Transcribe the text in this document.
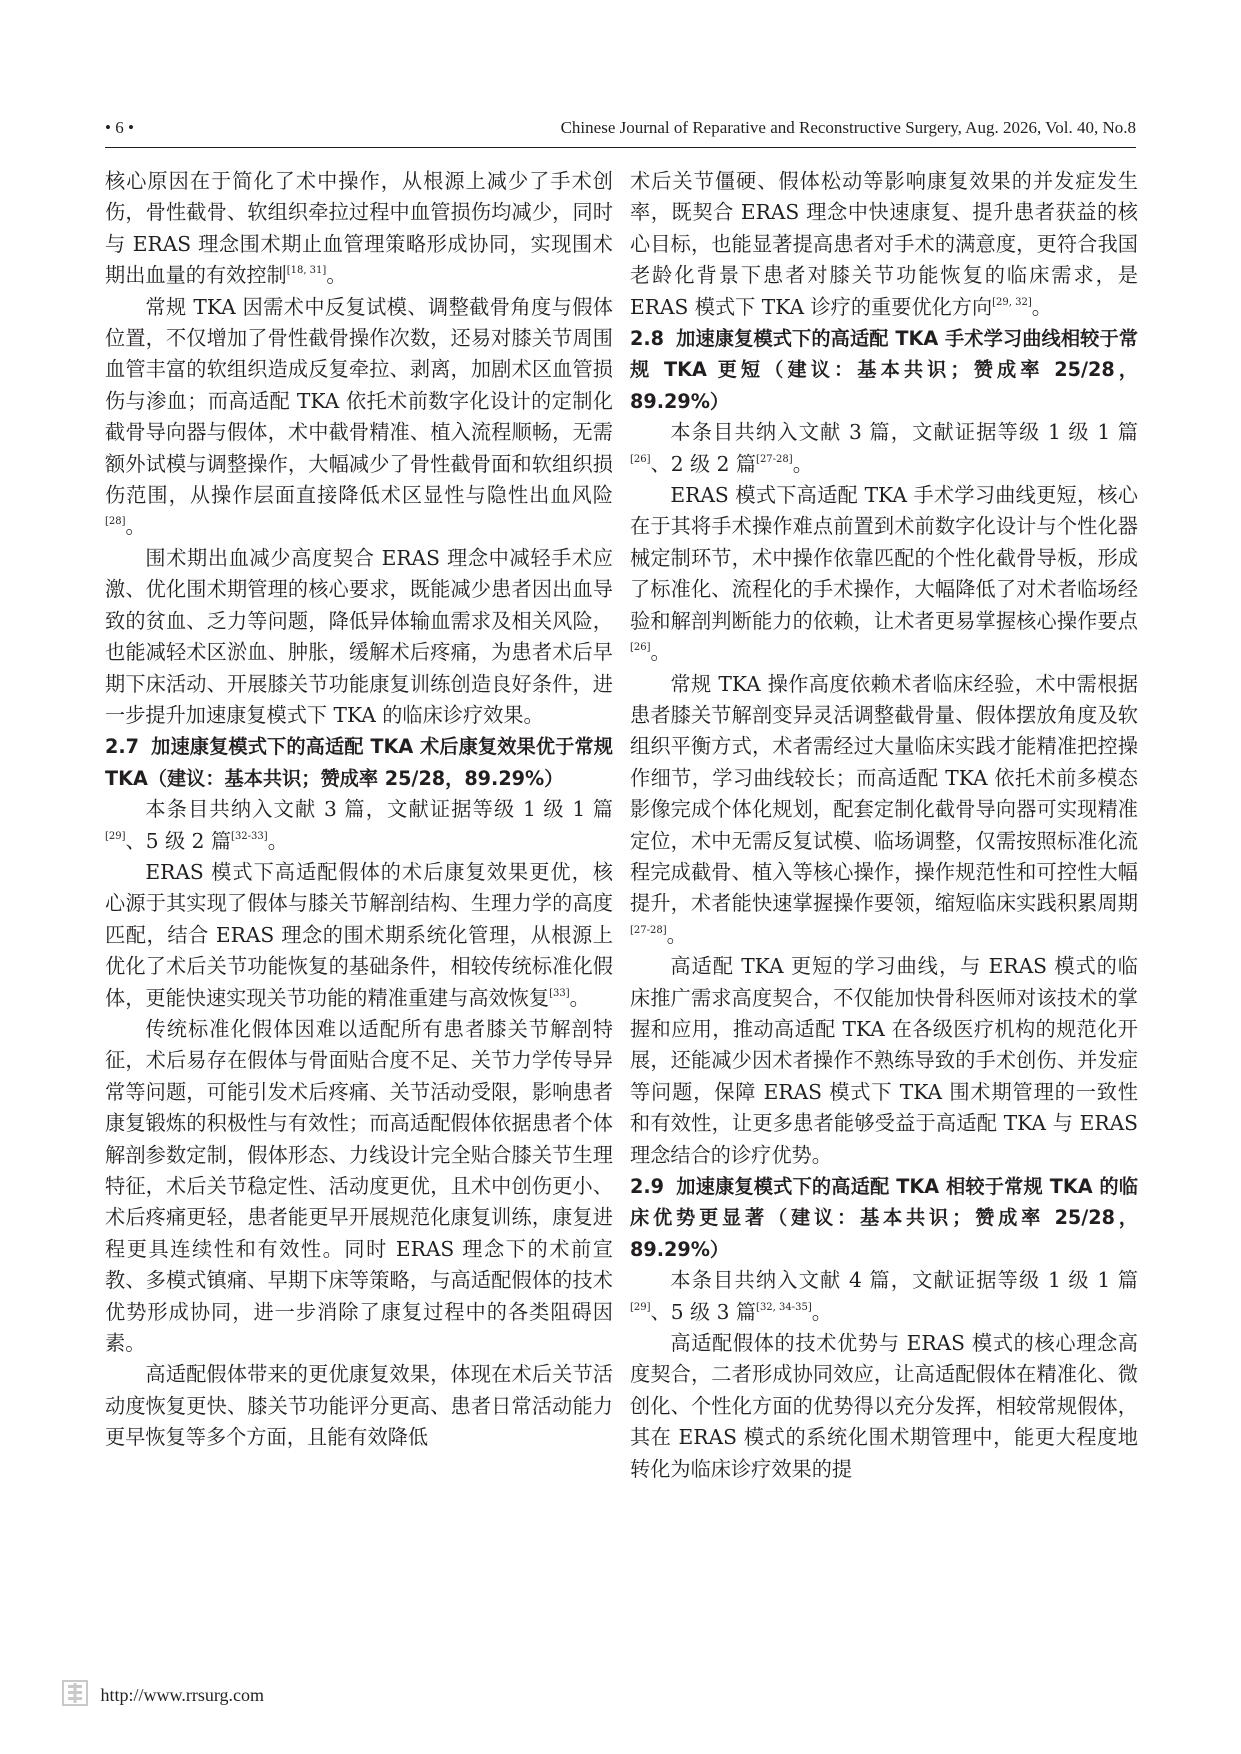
• 6 •	Chinese Journal of Reparative and Reconstructive Surgery, Aug. 2026, Vol. 40, No.8

核心原因在于简化了术中操作，从根源上减少了手术创伤，骨性截骨、软组织牵拉过程中血管损伤均减少，同时与 ERAS 理念围术期止血管理策略形成协同，实现围术期出血量的有效控制[18, 31]。

常规 TKA 因需术中反复试模、调整截骨角度与假体位置，不仅增加了骨性截骨操作次数，还易对膝关节周围血管丰富的软组织造成反复牵拉、剥离，加剧术区血管损伤与渗血；而高适配 TKA 依托术前数字化设计的定制化截骨导向器与假体，术中截骨精准、植入流程顺畅，无需额外试模与调整操作，大幅减少了骨性截骨面和软组织损伤范围，从操作层面直接降低术区显性与隐性出血风险[28]。

围术期出血减少高度契合 ERAS 理念中减轻手术应激、优化围术期管理的核心要求，既能减少患者因出血导致的贫血、乏力等问题，降低异体输血需求及相关风险，也能减轻术区淤血、肿胀，缓解术后疼痛，为患者术后早期下床活动、开展膝关节功能康复训练创造良好条件，进一步提升加速康复模式下 TKA 的临床诊疗效果。

2.7 加速康复模式下的高适配 TKA 术后康复效果优于常规 TKA（建议：基本共识；赞成率 25/28，89.29%）

本条目共纳入文献 3 篇，文献证据等级 1 级 1 篇[29]、5 级 2 篇[32-33]。

ERAS 模式下高适配假体的术后康复效果更优，核心源于其实现了假体与膝关节解剖结构、生理力学的高度匹配，结合 ERAS 理念的围术期系统化管理，从根源上优化了术后关节功能恢复的基础条件，相较传统标准化假体，更能快速实现关节功能的精准重建与高效恢复[33]。

传统标准化假体因难以适配所有患者膝关节解剖特征，术后易存在假体与骨面贴合度不足、关节力学传导异常等问题，可能引发术后疼痛、关节活动受限，影响患者康复锻炼的积极性与有效性；而高适配假体依据患者个体解剖参数定制，假体形态、力线设计完全贴合膝关节生理特征，术后关节稳定性、活动度更优，且术中创伤更小、术后疼痛更轻，患者能更早开展规范化康复训练，康复进程更具连续性和有效性。同时 ERAS 理念下的术前宣教、多模式镇痛、早期下床等策略，与高适配假体的技术优势形成协同，进一步消除了康复过程中的各类阻碍因素。

高适配假体带来的更优康复效果，体现在术后关节活动度恢复更快、膝关节功能评分更高、患者日常活动能力更早恢复等多个方面，且能有效降低

术后关节僵硬、假体松动等影响康复效果的并发症发生率，既契合 ERAS 理念中快速康复、提升患者获益的核心目标，也能显著提高患者对手术的满意度，更符合我国老龄化背景下患者对膝关节功能恢复的临床需求，是 ERAS 模式下 TKA 诊疗的重要优化方向[29, 32]。

2.8 加速康复模式下的高适配 TKA 手术学习曲线相较于常规 TKA 更短（建议：基本共识；赞成率 25/28，89.29%）

本条目共纳入文献 3 篇，文献证据等级 1 级 1 篇[26]、2 级 2 篇[27-28]。

ERAS 模式下高适配 TKA 手术学习曲线更短，核心在于其将手术操作难点前置到术前数字化设计与个性化器械定制环节，术中操作依靠匹配的个性化截骨导板，形成了标准化、流程化的手术操作，大幅降低了对术者临场经验和解剖判断能力的依赖，让术者更易掌握核心操作要点[26]。

常规 TKA 操作高度依赖术者临床经验，术中需根据患者膝关节解剖变异灵活调整截骨量、假体摆放角度及软组织平衡方式，术者需经过大量临床实践才能精准把控操作细节，学习曲线较长；而高适配 TKA 依托术前多模态影像完成个体化规划，配套定制化截骨导向器可实现精准定位，术中无需反复试模、临场调整，仅需按照标准化流程完成截骨、植入等核心操作，操作规范性和可控性大幅提升，术者能快速掌握操作要领，缩短临床实践积累周期[27-28]。

高适配 TKA 更短的学习曲线，与 ERAS 模式的临床推广需求高度契合，不仅能加快骨科医师对该技术的掌握和应用，推动高适配 TKA 在各级医疗机构的规范化开展，还能减少因术者操作不熟练导致的手术创伤、并发症等问题，保障 ERAS 模式下 TKA 围术期管理的一致性和有效性，让更多患者能够受益于高适配 TKA 与 ERAS 理念结合的诊疗优势。

2.9 加速康复模式下的高适配 TKA 相较于常规 TKA 的临床优势更显著（建议：基本共识；赞成率 25/28，89.29%）

本条目共纳入文献 4 篇，文献证据等级 1 级 1 篇[29]、5 级 3 篇[32, 34-35]。

高适配假体的技术优势与 ERAS 模式的核心理念高度契合，二者形成协同效应，让高适配假体在精准化、微创化、个性化方面的优势得以充分发挥，相较常规假体，其在 ERAS 模式的系统化围术期管理中，能更大程度地转化为临床诊疗效果的提

http://www.rrsurg.com
